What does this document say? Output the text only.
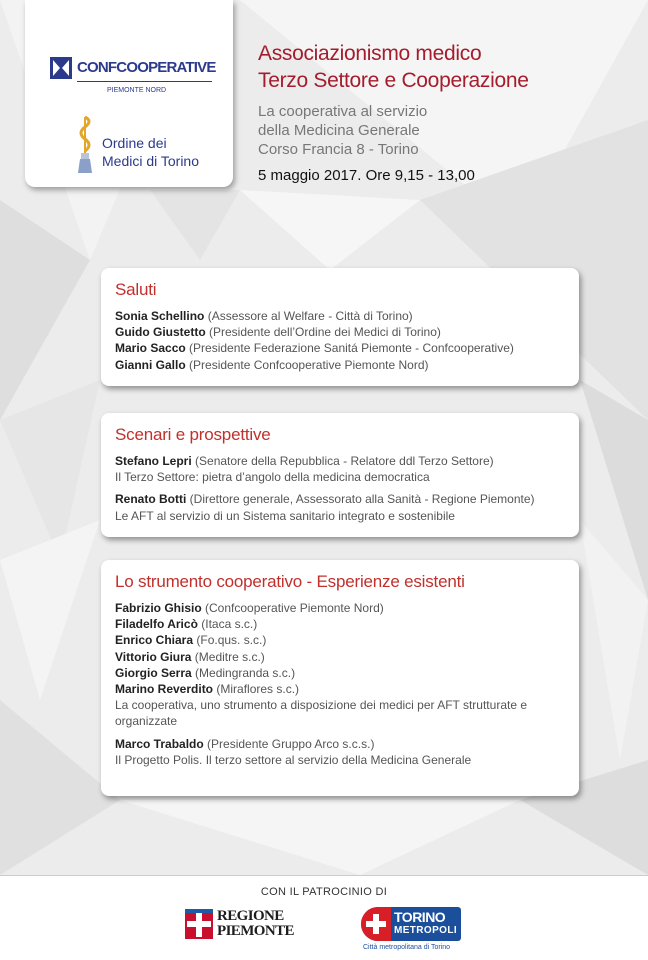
CONFCOOPERATIVE
PIEMONTE NORD
Ordine dei
Medici di Torino
Associazionismo medico
Terzo Settore e Cooperazione
La cooperativa al servizio
della Medicina Generale
Corso Francia 8 - Torino
5 maggio 2017. Ore 9,15 - 13,00
Saluti
Sonia Schellino (Assessore al Welfare - Città di Torino)
Guido Giustetto (Presidente dell’Ordine dei Medici di Torino)
Mario Sacco (Presidente Federazione Sanitá Piemonte - Confcooperative)
Gianni Gallo (Presidente Confcooperative Piemonte Nord)
Scenari e prospettive
Stefano Lepri (Senatore della Repubblica - Relatore ddl Terzo Settore)
Il Terzo Settore: pietra d’angolo della medicina democratica
Renato Botti (Direttore generale, Assessorato alla Sanità - Regione Piemonte)
Le AFT al servizio di un Sistema sanitario integrato e sostenibile
Lo strumento cooperativo - Esperienze esistenti
Fabrizio Ghisio (Confcooperative Piemonte Nord)
Filadelfo Aricò (Itaca s.c.)
Enrico Chiara (Fo.qus. s.c.)
Vittorio Giura (Meditre s.c.)
Giorgio Serra (Medingranda s.c.)
Marino Reverdito (Miraflores s.c.)
La cooperativa, uno strumento a disposizione dei medici per AFT strutturate e organizzate
Marco Trabaldo (Presidente Gruppo Arco s.c.s.)
Il Progetto Polis. Il terzo settore al servizio della Medicina Generale
CON IL PATROCINIO DI
REGIONE
PIEMONTE
TORINO
METROPOLI
Città metropolitana di Torino
